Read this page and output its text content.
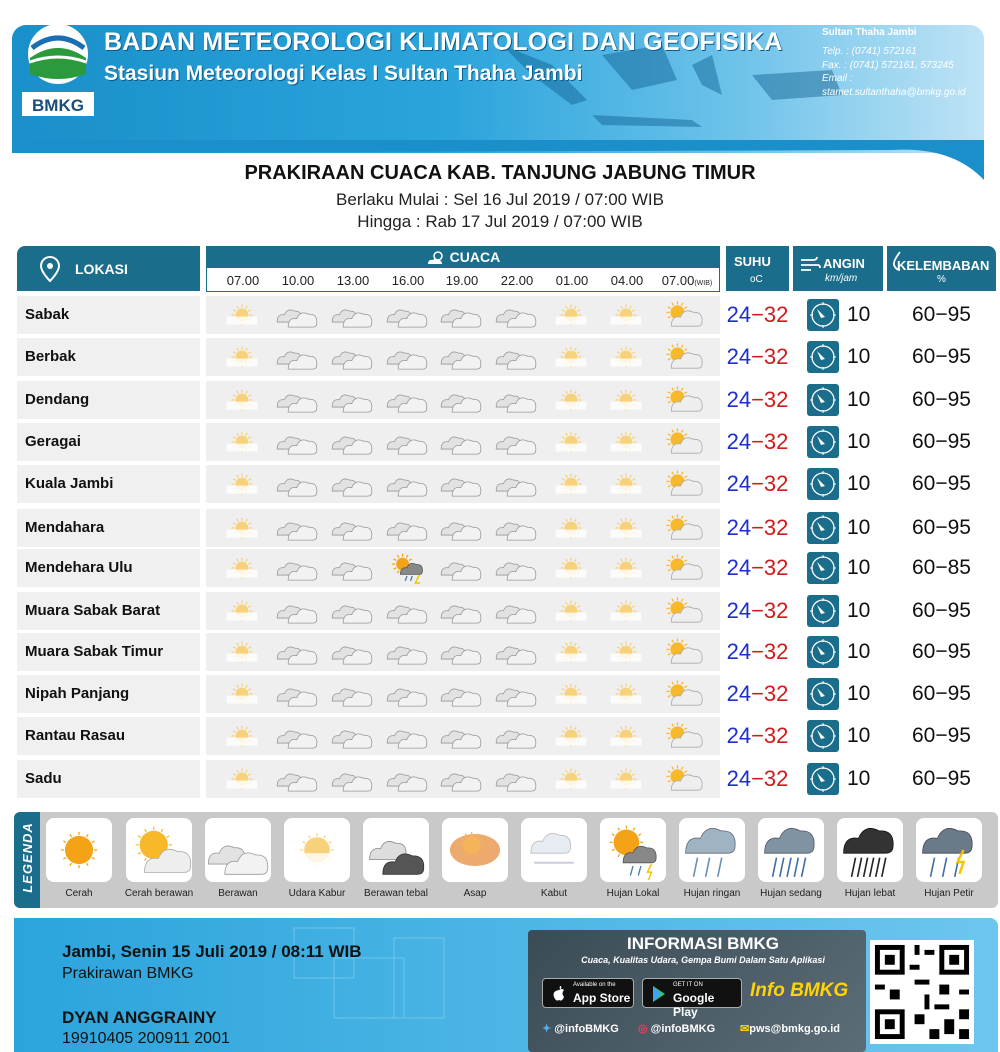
BMKG
BADAN METEOROLOGI KLIMATOLOGI DAN GEOFISIKA
Stasiun Meteorologi Kelas I Sultan Thaha Jambi
Bandar Udara
Sultan Thaha Jambi
Telp. : (0741) 572161
Fax. : (0741) 572161, 573245
Email :
stamet.sultanthaha@bmkg.go.id
PRAKIRAAN CUACA KAB. TANJUNG JABUNG TIMUR
Berlaku Mulai : Sel 16 Jul 2019 / 07:00 WIB
Hingga : Rab 17 Jul 2019 / 07:00 WIB
LOKASI
CUACA
07.00	10.00	13.00	16.00	19.00	22.00	01.00	04.00	07.00(WIB)
SUHU
oC
ANGIN
km/jam
KELEMBABAN
%
Sabak	24−32	10	60−95
Berbak	24−32	10	60−95
Dendang	24−32	10	60−95
Geragai	24−32	10	60−95
Kuala Jambi	24−32	10	60−95
Mendahara	24−32	10	60−95
Mendehara Ulu	24−32	10	60−85
Muara Sabak Barat	24−32	10	60−95
Muara Sabak Timur	24−32	10	60−95
Nipah Panjang	24−32	10	60−95
Rantau Rasau	24−32	10	60−95
Sadu	24−32	10	60−95
LEGENDA
Cerah	Cerah berawan	Berawan	Udara Kabur	Berawan tebal	Asap	Kabut	Hujan Lokal	Hujan ringan	Hujan sedang	Hujan lebat	Hujan Petir
Jambi, Senin 15 Juli 2019 / 08:11 WIB
Prakirawan BMKG
DYAN ANGGRAINY
19910405 200911 2001
INFORMASI BMKG
Cuaca, Kualitas Udara, Gempa Bumi Dalam Satu Aplikasi
Available on the
App Store
GET IT ON
Google Play
Info BMKG
✦ @infoBMKG ◎ @infoBMKG ✉pws@bmkg.go.id
